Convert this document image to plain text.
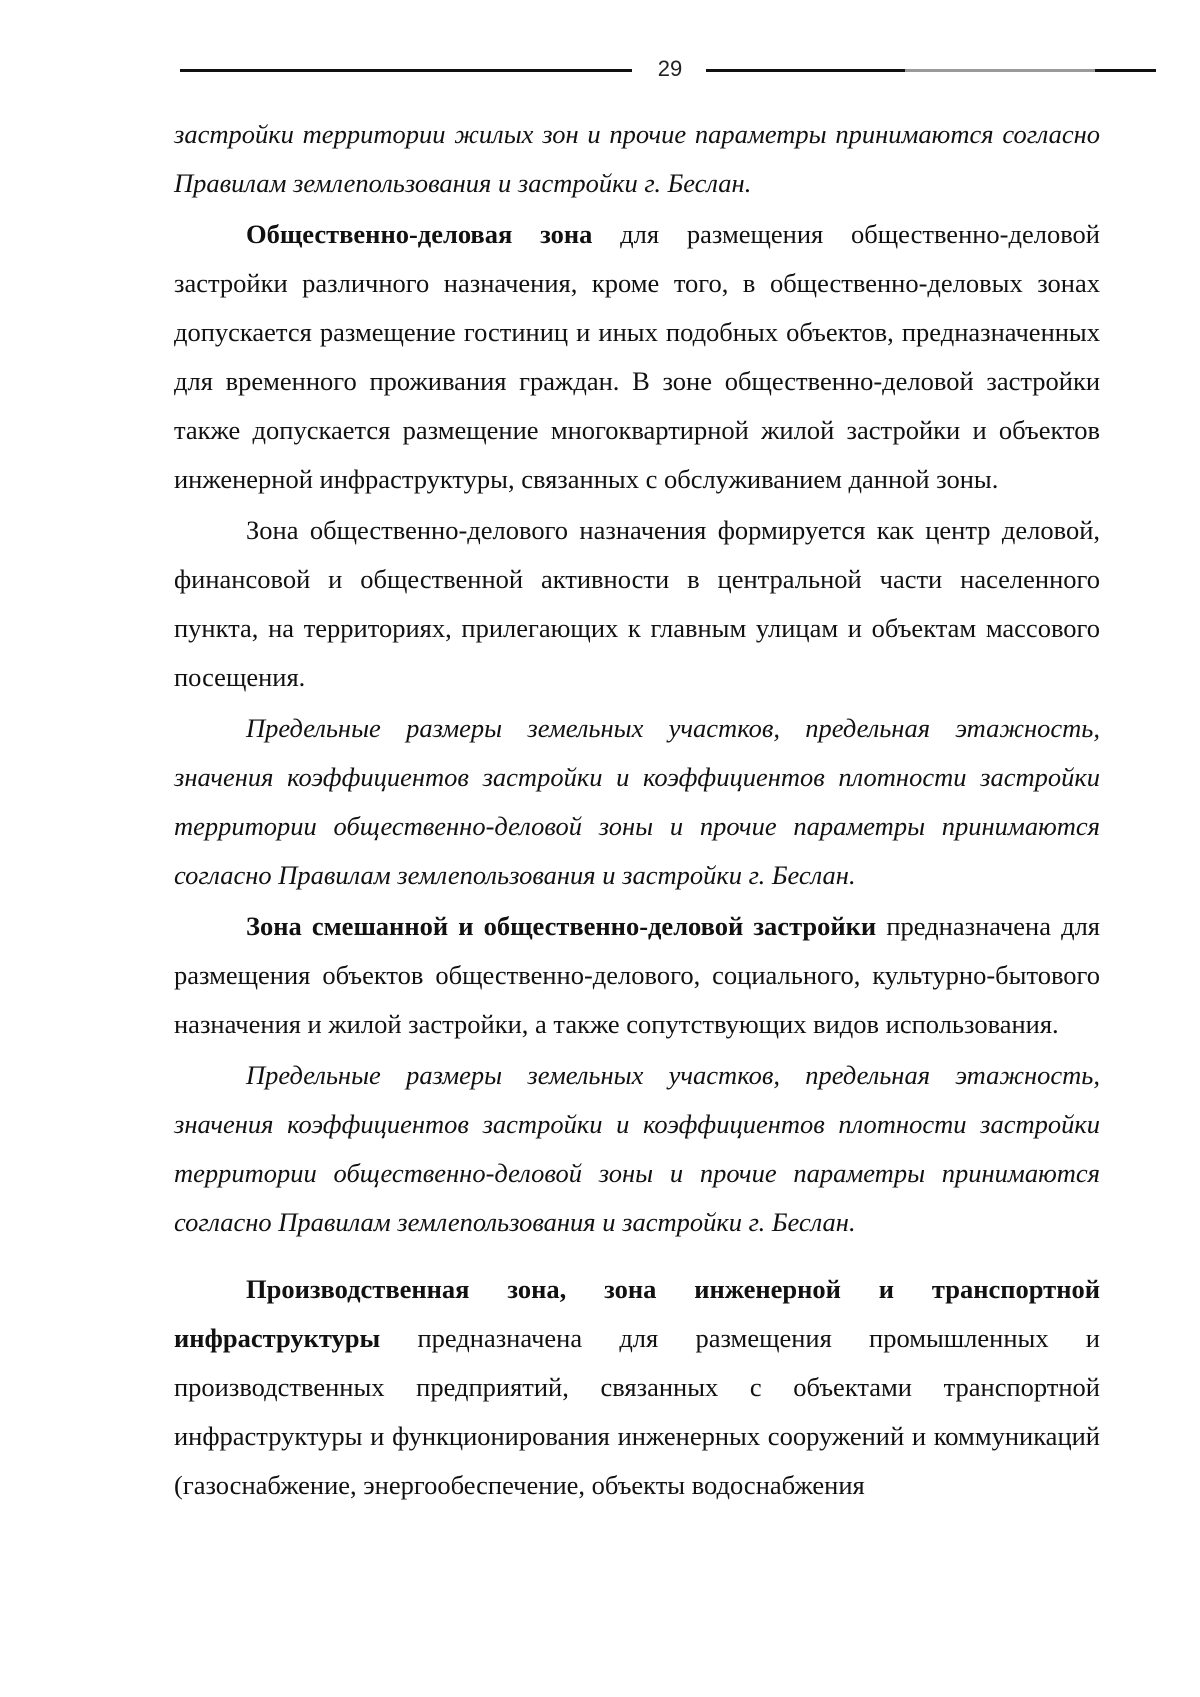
29

застройки территории жилых зон и прочие параметры принимаются согласно Правилам землепользования и застройки г. Беслан.

Общественно-деловая зона для размещения общественно-деловой застройки различного назначения, кроме того, в общественно-деловых зонах допускается размещение гостиниц и иных подобных объектов, предназначенных для временного проживания граждан. В зоне общественно-деловой застройки также допускается размещение многоквартирной жилой застройки и объектов инженерной инфраструктуры, связанных с обслуживанием данной зоны.

Зона общественно-делового назначения формируется как центр деловой, финансовой и общественной активности в центральной части населенного пункта, на территориях, прилегающих к главным улицам и объектам массового посещения.

Предельные размеры земельных участков, предельная этажность, значения коэффициентов застройки и коэффициентов плотности застройки территории общественно-деловой зоны и прочие параметры принимаются согласно Правилам землепользования и застройки г. Беслан.

Зона смешанной и общественно-деловой застройки предназначена для размещения объектов общественно-делового, социального, культурно-бытового назначения и жилой застройки, а также сопутствующих видов использования.

Предельные размеры земельных участков, предельная этажность, значения коэффициентов застройки и коэффициентов плотности застройки территории общественно-деловой зоны и прочие параметры принимаются согласно Правилам землепользования и застройки г. Беслан.

Производственная зона, зона инженерной и транспортной инфраструктуры предназначена для размещения промышленных и производственных предприятий, связанных с объектами транспортной инфраструктуры и функционирования инженерных сооружений и коммуникаций (газоснабжение, энергообеспечение, объекты водоснабжения
